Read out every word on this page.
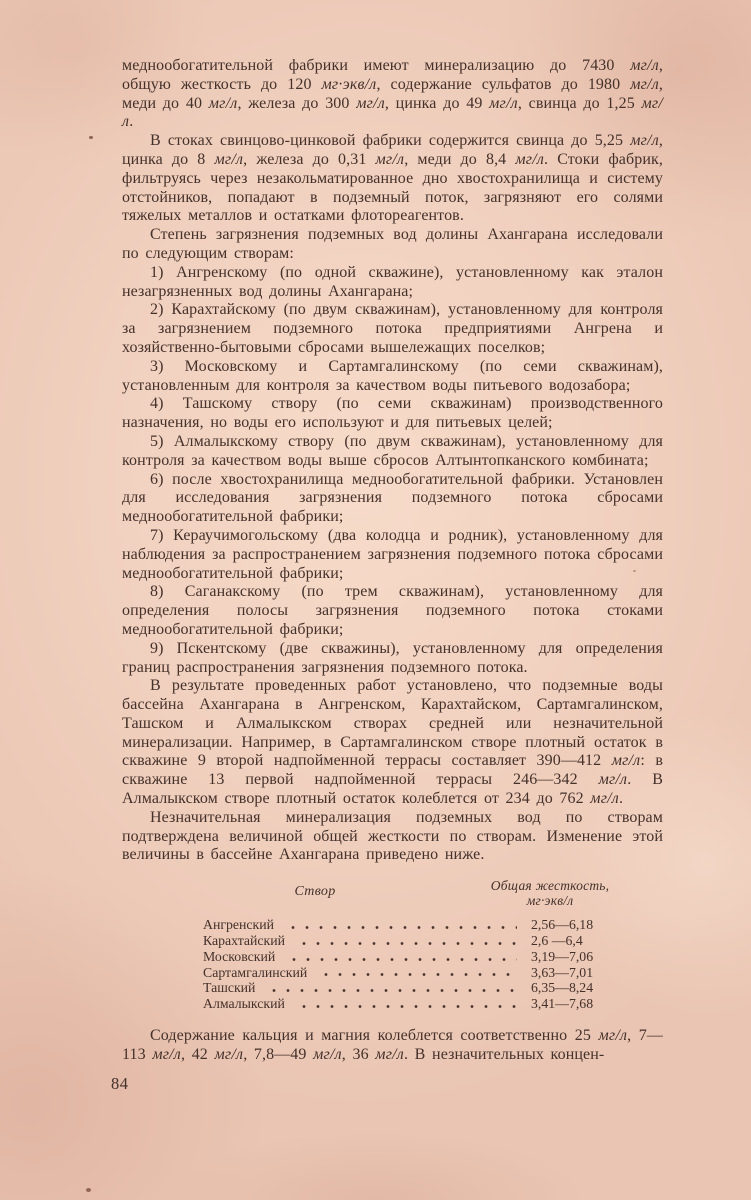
меднообогатительной фабрики имеют минерализацию до 7430 мг/л, общую жесткость до 120 мг·экв/л, содержание сульфатов до 1980 мг/л, меди до 40 мг/л, железа до 300 мг/л, цинка до 49 мг/л, свинца до 1,25 мг/л.

В стоках свинцово-цинковой фабрики содержится свинца до 5,25 мг/л, цинка до 8 мг/л, железа до 0,31 мг/л, меди до 8,4 мг/л. Стоки фабрик, фильтруясь через незакольматированное дно хвостохранилища и систему отстойников, попадают в подземный поток, загрязняют его солями тяжелых металлов и остатками флотореагентов.

Степень загрязнения подземных вод долины Ахангарана исследовали по следующим створам:

1) Ангренскому (по одной скважине), установленному как эталон незагрязненных вод долины Ахангарана;

2) Карахтайскому (по двум скважинам), установленному для контроля за загрязнением подземного потока предприятиями Ангрена и хозяйственно-бытовыми сбросами вышележащих поселков;

3) Московскому и Сартамгалинскому (по семи скважинам), установленным для контроля за качеством воды питьевого водозабора;

4) Ташскому створу (по семи скважинам) производственного назначения, но воды его используют и для питьевых целей;

5) Алмалыкскому створу (по двум скважинам), установленному для контроля за качеством воды выше сбросов Алтынтопканского комбината;

6) после хвостохранилища меднообогатительной фабрики. Установлен для исследования загрязнения подземного потока сбросами меднообогатительной фабрики;

7) Кераучимогольскому (два колодца и родник), установленному для наблюдения за распространением загрязнения подземного потока сбросами меднообогатительной фабрики;

8) Саганакскому (по трем скважинам), установленному для определения полосы загрязнения подземного потока стоками меднообогатительной фабрики;

9) Пскентскому (две скважины), установленному для определения границ распространения загрязнения подземного потока.

В результате проведенных работ установлено, что подземные воды бассейна Ахангарана в Ангренском, Карахтайском, Сартамгалинском, Ташском и Алмалыкском створах средней или незначительной минерализации. Например, в Сартамгалинском створе плотный остаток в скважине 9 второй надпойменной террасы составляет 390—412 мг/л: в скважине 13 первой надпойменной террасы 246—342 мг/л. В Алмалыкском створе плотный остаток колеблется от 234 до 762 мг/л.

Незначительная минерализация подземных вод по створам подтверждена величиной общей жесткости по створам. Изменение этой величины в бассейне Ахангарана приведено ниже.

Створ	Общая жесткость,
мг·экв/л
Ангренский	2,56—6,18
Карахтайский	2,6 —6,4
Московский	3,19—7,06
Сартамгалинский	3,63—7,01
Ташский	6,35—8,24
Алмалыкский	3,41—7,68

Содержание кальция и магния колеблется соответственно 25 мг/л, 7—113 мг/л, 42 мг/л, 7,8—49 мг/л, 36 мг/л. В незначительных концен-

84
